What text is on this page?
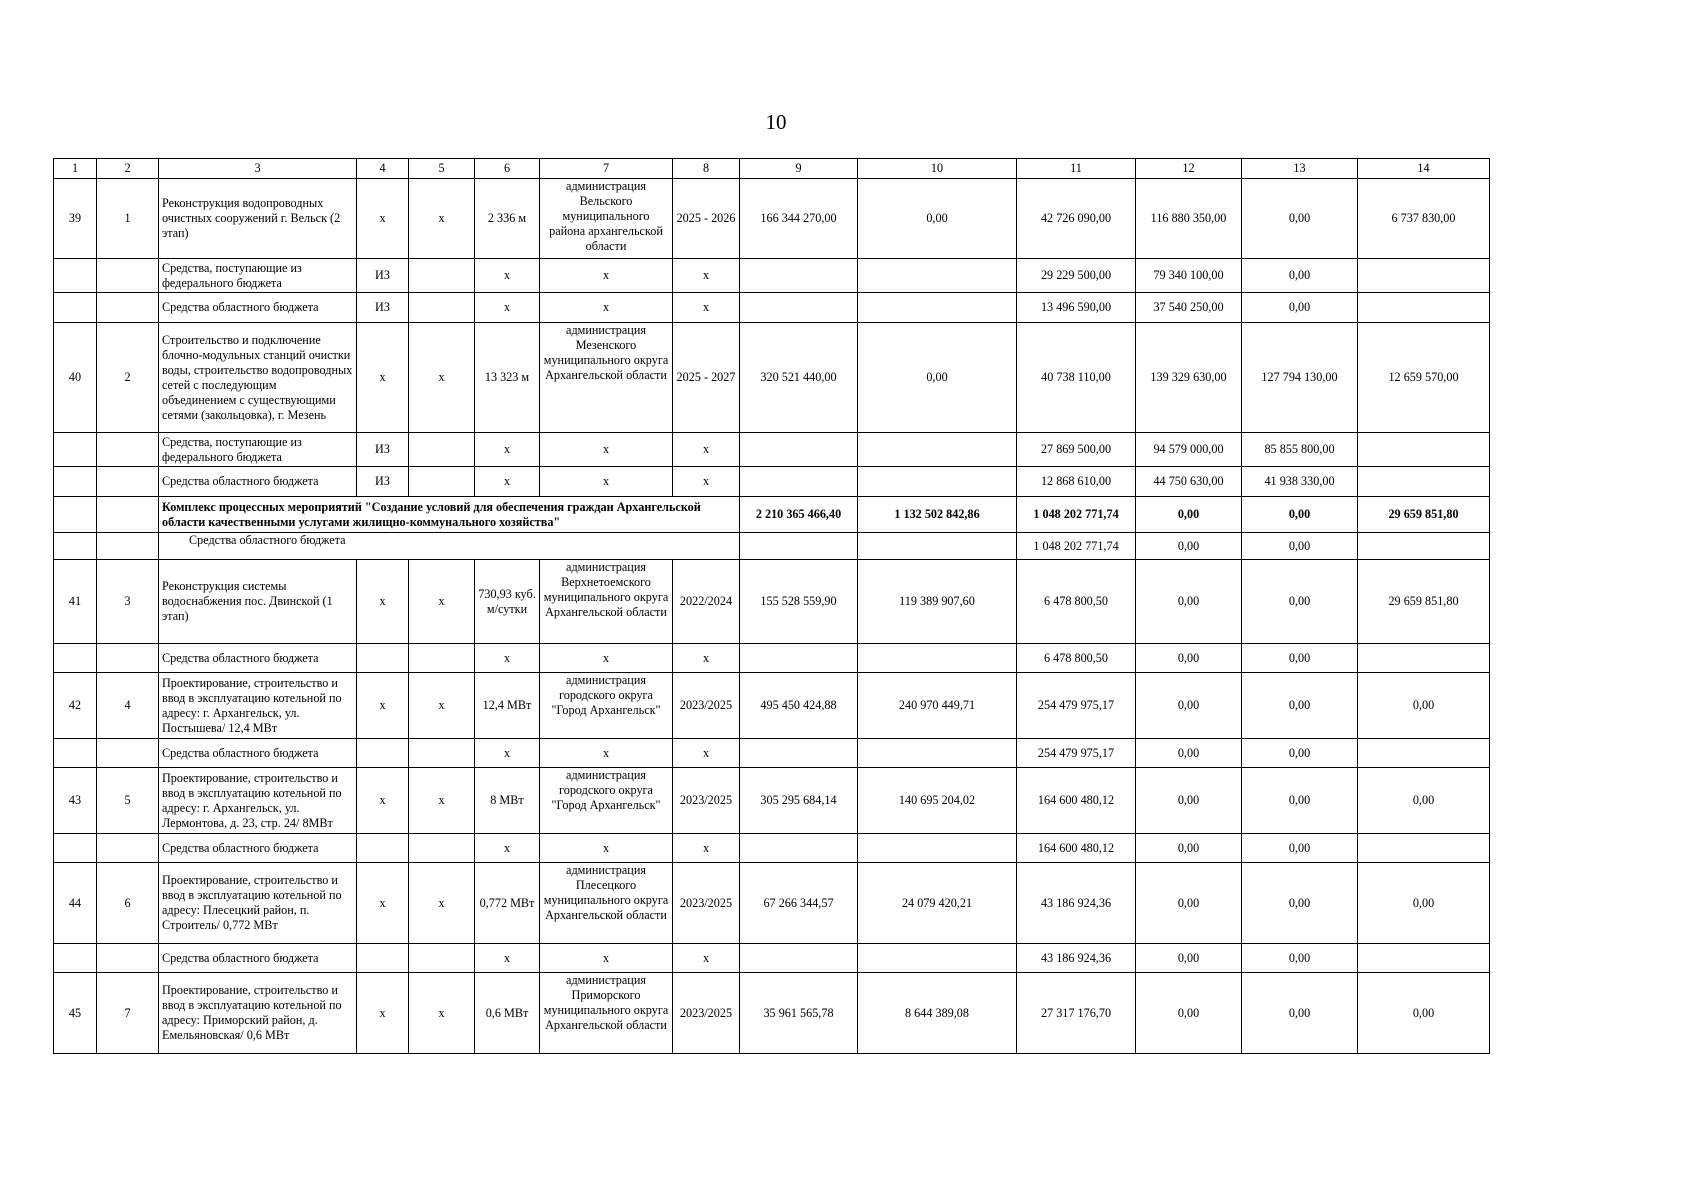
10
1	2	3	4	5	6	7	8	9	10	11	12	13	14
39	1	Реконструкция водопроводных очистных сооружений г. Вельск (2 этап)	х	х	2 336 м	администрация Вельского муниципального района архангельской области	2025 - 2026	166 344 270,00	0,00	42 726 090,00	116 880 350,00	0,00	6 737 830,00
		Средства, поступающие из федерального бюджета	ИЗ		х	х	х			29 229 500,00	79 340 100,00	0,00	
		Средства областного бюджета	ИЗ		х	х	х			13 496 590,00	37 540 250,00	0,00	
40	2	Строительство и подключение блочно-модульных станций очистки воды, строительство водопроводных сетей с последующим объединением с существующими сетями (закольцовка), г. Мезень	х	х	13 323 м	администрация Мезенского муниципального округа Архангельской области	2025 - 2027	320 521 440,00	0,00	40 738 110,00	139 329 630,00	127 794 130,00	12 659 570,00
		Средства, поступающие из федерального бюджета	ИЗ		х	х	х			27 869 500,00	94 579 000,00	85 855 800,00	
		Средства областного бюджета	ИЗ		х	х	х			12 868 610,00	44 750 630,00	41 938 330,00	
		Комплекс процессных мероприятий "Создание условий для обеспечения граждан Архангельской области качественными услугами жилищно-коммунального хозяйства"						2 210 365 466,40	1 132 502 842,86	1 048 202 771,74	0,00	0,00	29 659 851,80
		Средства областного бюджета								1 048 202 771,74	0,00	0,00	
41	3	Реконструкция системы водоснабжения пос. Двинской (1 этап)	х	х	730,93 куб. м/сутки	администрация Верхнетоемского муниципального округа Архангельской области	2022/2024	155 528 559,90	119 389 907,60	6 478 800,50	0,00	0,00	29 659 851,80
		Средства областного бюджета			х	х	х			6 478 800,50	0,00	0,00	
42	4	Проектирование, строительство и ввод в эксплуатацию котельной по адресу: г. Архангельск, ул. Постышева/ 12,4 МВт	х	х	12,4 МВт	администрация городского округа "Город Архангельск"	2023/2025	495 450 424,88	240 970 449,71	254 479 975,17	0,00	0,00	0,00
		Средства областного бюджета			х	х	х			254 479 975,17	0,00	0,00	
43	5	Проектирование, строительство и ввод в эксплуатацию котельной по адресу: г. Архангельск, ул. Лермонтова, д. 23, стр. 24/ 8МВт	х	х	8 МВт	администрация городского округа "Город Архангельск"	2023/2025	305 295 684,14	140 695 204,02	164 600 480,12	0,00	0,00	0,00
		Средства областного бюджета			х	х	х			164 600 480,12	0,00	0,00	
44	6	Проектирование, строительство и ввод в эксплуатацию котельной по адресу: Плесецкий район, п. Строитель/ 0,772 МВт	х	х	0,772 МВт	администрация Плесецкого муниципального округа Архангельской области	2023/2025	67 266 344,57	24 079 420,21	43 186 924,36	0,00	0,00	0,00
		Средства областного бюджета			х	х	х			43 186 924,36	0,00	0,00	
45	7	Проектирование, строительство и ввод в эксплуатацию котельной по адресу: Приморский район, д. Емельяновская/ 0,6 МВт	х	х	0,6 МВт	администрация Приморского муниципального округа Архангельской области	2023/2025	35 961 565,78	8 644 389,08	27 317 176,70	0,00	0,00	0,00
